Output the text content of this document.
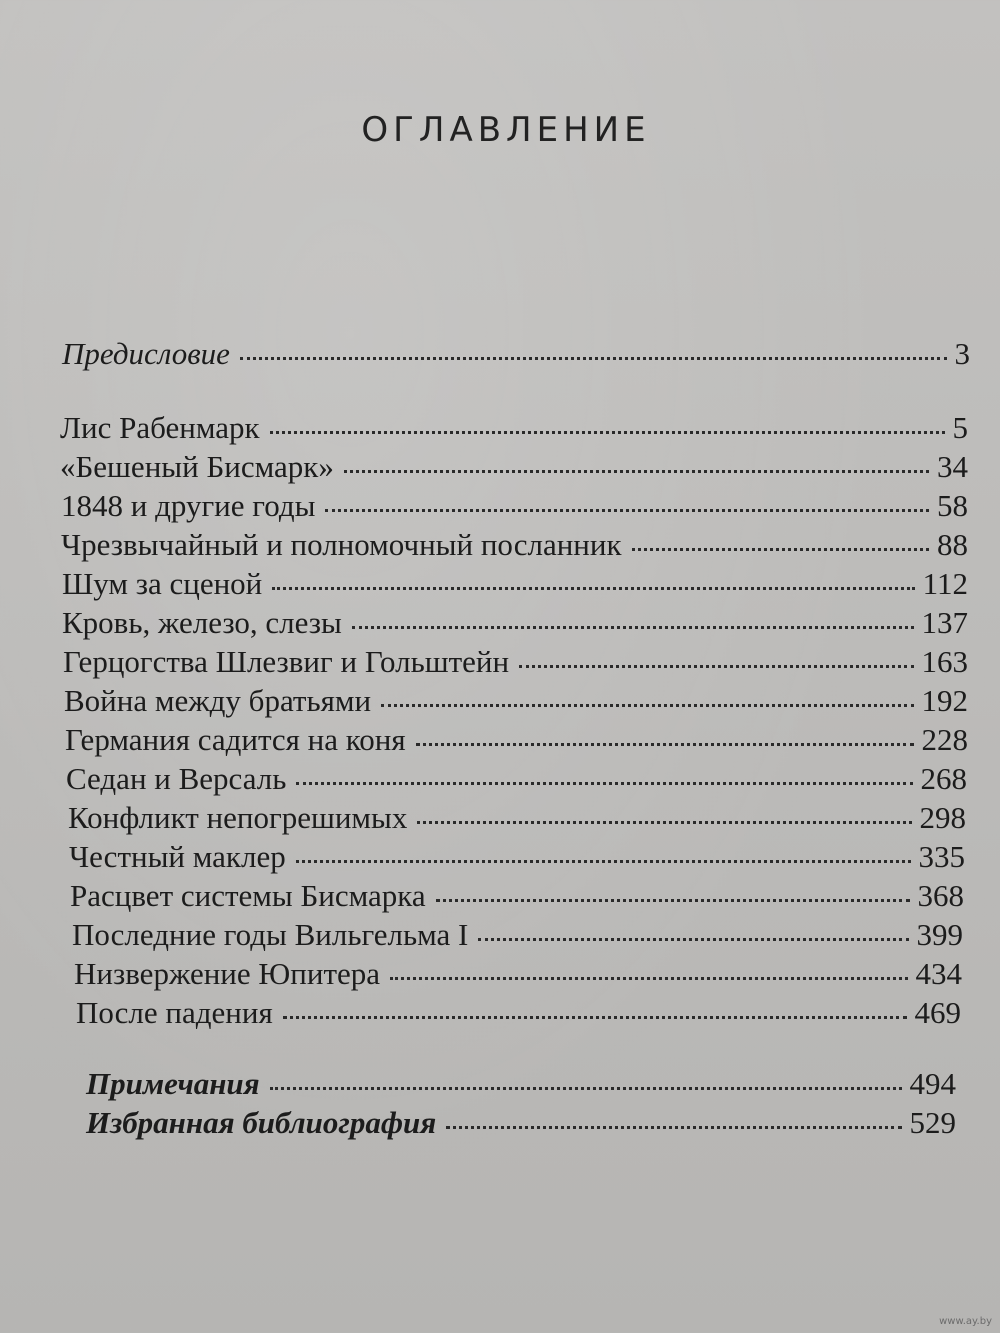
ОГЛАВЛЕНИЕ
Предисловие	3
Лис Рабенмарк	5
«Бешеный Бисмарк»	34
1848 и другие годы	58
Чрезвычайный и полномочный посланник	88
Шум за сценой	112
Кровь, железо, слезы	137
Герцогства Шлезвиг и Гольштейн	163
Война между братьями	192
Германия садится на коня	228
Седан и Версаль	268
Конфликт непогрешимых	298
Честный маклер	335
Расцвет системы Бисмарка	368
Последние годы Вильгельма I	399
Низвержение Юпитера	434
После падения	469
Примечания	494
Избранная библиография	529
www.ay.by
